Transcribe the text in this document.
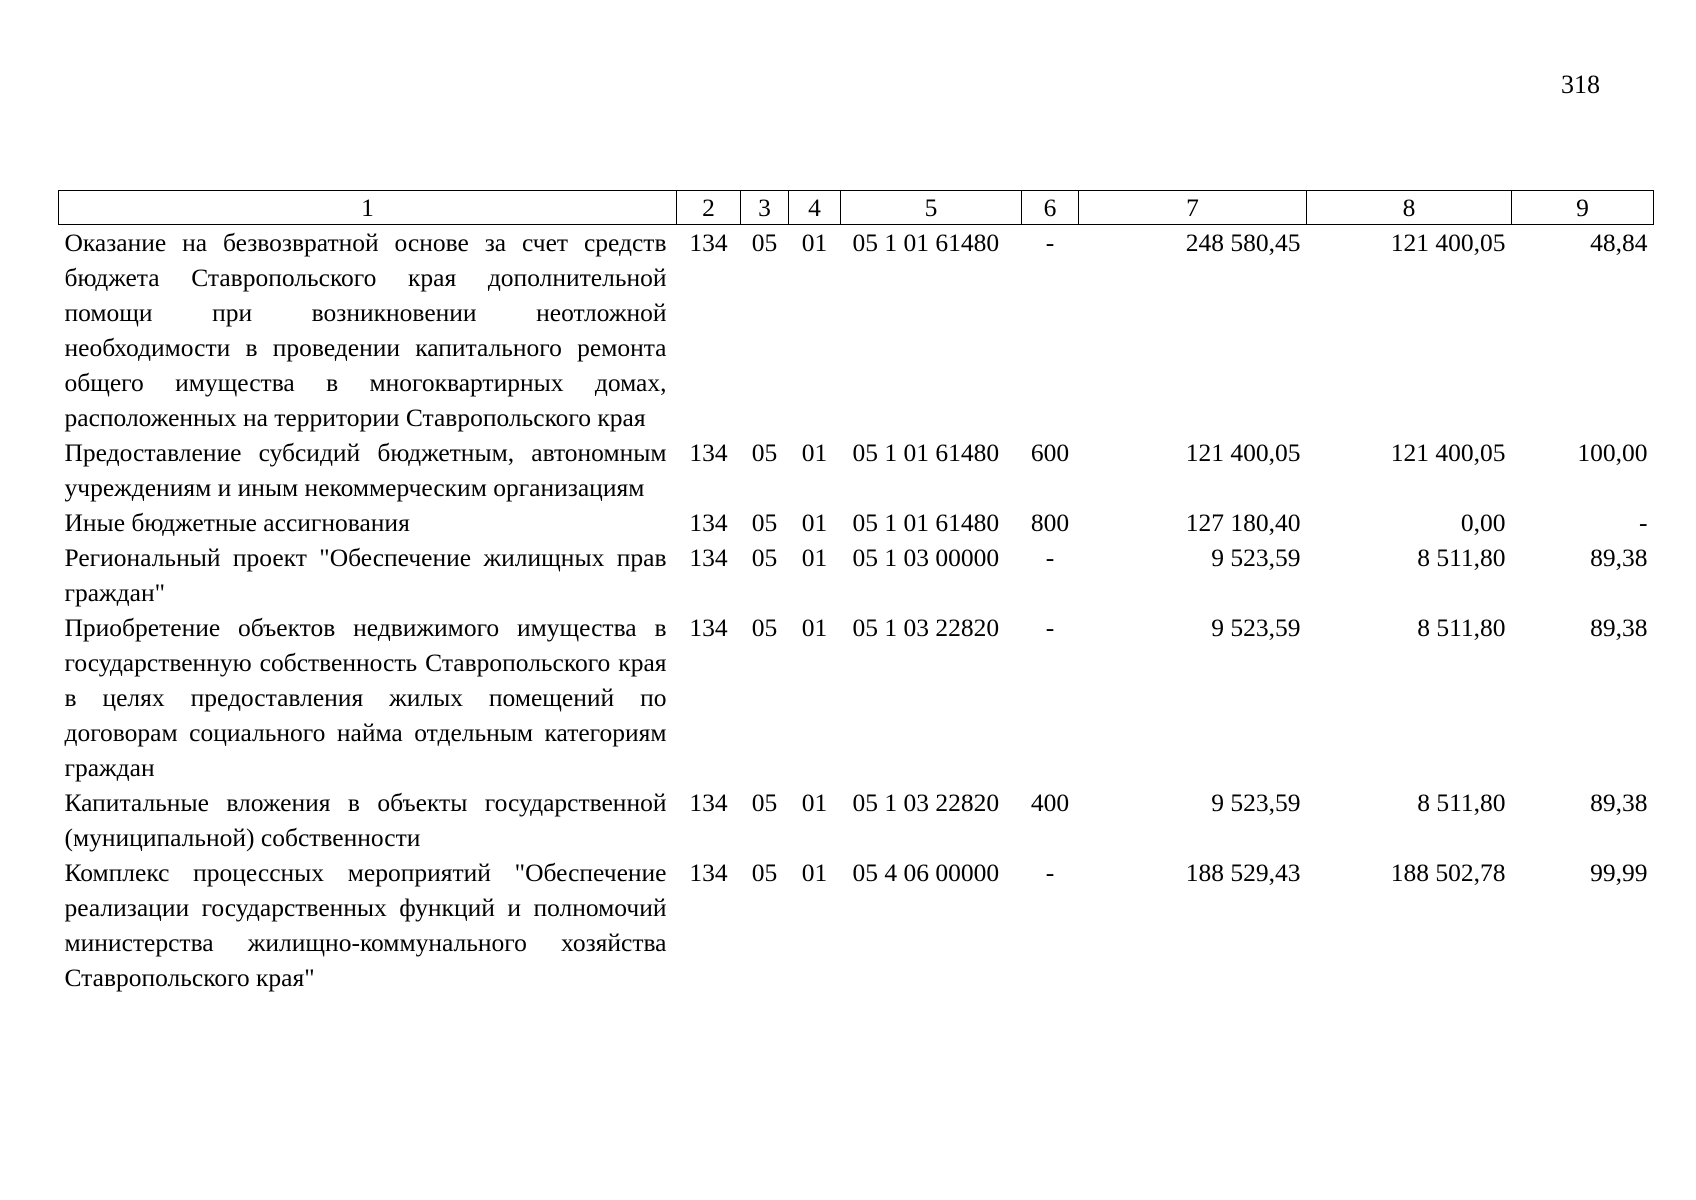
318
1	2	3	4	5	6	7	8	9
Оказание на безвозвратной основе за счет средств бюджета Ставропольского края дополнительной помощи при возникновении неотложной необходимости в проведении капитального ремонта общего имущества в многоквартирных домах, расположенных на территории Ставропольского края	134	05	01	05 1 01 61480	-	248 580,45	121 400,05	48,84
Предоставление субсидий бюджетным, автономным учреждениям и иным некоммерческим организациям	134	05	01	05 1 01 61480	600	121 400,05	121 400,05	100,00
Иные бюджетные ассигнования	134	05	01	05 1 01 61480	800	127 180,40	0,00	-
Региональный проект "Обеспечение жилищных прав граждан"	134	05	01	05 1 03 00000	-	9 523,59	8 511,80	89,38
Приобретение объектов недвижимого имущества в государственную собственность Ставропольского края в целях предоставления жилых помещений по договорам социального найма отдельным категориям граждан	134	05	01	05 1 03 22820	-	9 523,59	8 511,80	89,38
Капитальные вложения в объекты государственной (муниципальной) собственности	134	05	01	05 1 03 22820	400	9 523,59	8 511,80	89,38
Комплекс процессных мероприятий "Обеспечение реализации государственных функций и полномочий министерства жилищно-коммунального хозяйства Ставропольского края"	134	05	01	05 4 06 00000	-	188 529,43	188 502,78	99,99
